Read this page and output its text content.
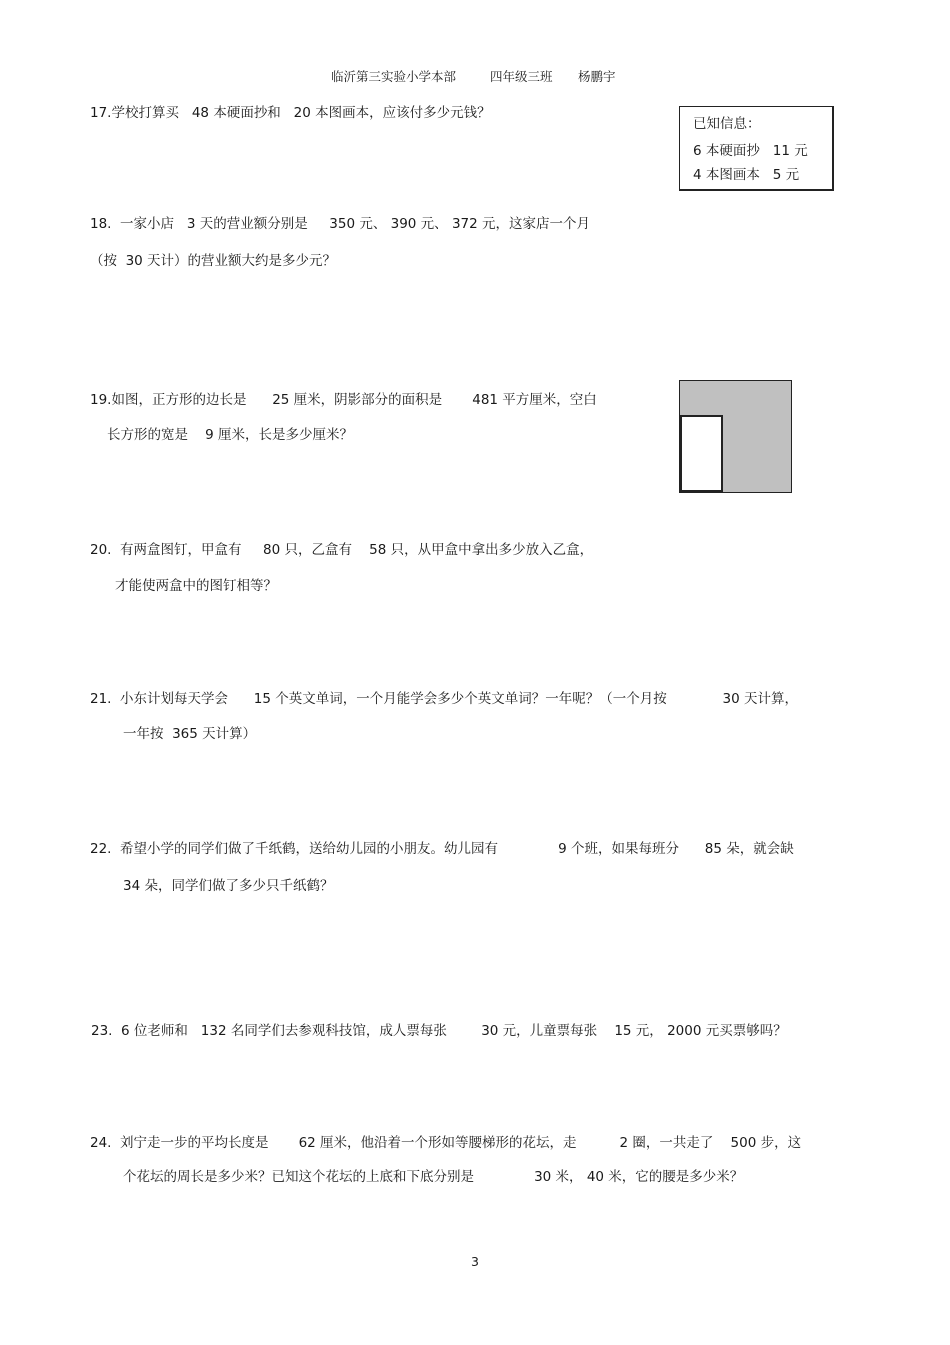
临沂第三实验小学本部	四年级三班 杨鹏宇
17.学校打算买   48 本硬面抄和   20 本图画本，应该付多少元钱？
已知信息：
6 本硬面抄   11 元
4 本图画本   5 元
18.  一家小店   3 天的营业额分别是     350 元、 390 元、 372 元，这家店一个月
（按  30 天计）的营业额大约是多少元？
19.如图，正方形的边长是      25 厘米，阴影部分的面积是       481 平方厘米，空白
长方形的宽是    9 厘米，长是多少厘米？
20.  有两盒图钉，甲盒有     80 只，乙盒有    58 只，从甲盒中拿出多少放入乙盒，
才能使两盒中的图钉相等？
21.  小东计划每天学会      15 个英文单词，一个月能学会多少个英文单词？一年呢？（一个月按             30 天计算，
一年按  365 天计算）
22.  希望小学的同学们做了千纸鹤，送给幼儿园的小朋友。幼儿园有              9 个班，如果每班分      85 朵，就会缺
34 朵，同学们做了多少只千纸鹤？
23.  6 位老师和   132 名同学们去参观科技馆，成人票每张        30 元，儿童票每张    15 元， 2000 元买票够吗？
24.  刘宁走一步的平均长度是       62 厘米，他沿着一个形如等腰梯形的花坛，走          2 圈，一共走了    500 步，这
个花坛的周长是多少米？已知这个花坛的上底和下底分别是              30 米， 40 米，它的腰是多少米？
3
